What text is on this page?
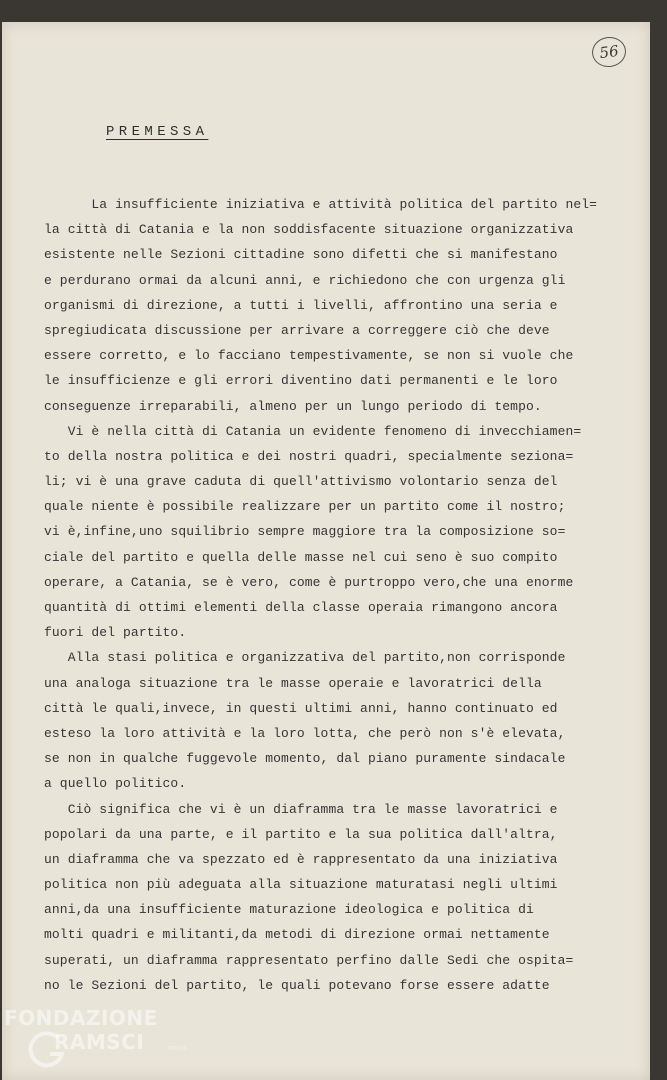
56
PREMESSA
La insufficiente iniziativa e attività politica del partito nel=
la città di Catania e la non soddisfacente situazione organizzativa
esistente nelle Sezioni cittadine sono difetti che si manifestano
e perdurano ormai da alcuni anni, e richiedono che con urgenza gli
organismi di direzione, a tutti i livelli, affrontino una seria e
spregiudicata discussione per arrivare a correggere ciò che deve
essere corretto, e lo facciano tempestivamente, se non si vuole che
le insufficienze e gli errori diventino dati permanenti e le loro
conseguenze irreparabili, almeno per un lungo periodo di tempo.
Vi è nella città di Catania un evidente fenomeno di invecchiamen=
to della nostra politica e dei nostri quadri, specialmente seziona=
li; vi è una grave caduta di quell'attivismo volontario senza del
quale niente è possibile realizzare per un partito come il nostro;
vi è,infine,uno squilibrio sempre maggiore tra la composizione so=
ciale del partito e quella delle masse nel cui seno è suo compito
operare, a Catania, se è vero, come è purtroppo vero,che una enorme
quantità di ottimi elementi della classe operaia rimangono ancora
fuori del partito.
Alla stasi politica e organizzativa del partito,non corrisponde
una analoga situazione tra le masse operaie e lavoratrici della
città le quali,invece, in questi ultimi anni, hanno continuato ed
esteso la loro attività e la loro lotta, che però non s'è elevata,
se non in qualche fuggevole momento, dal piano puramente sindacale
a quello politico.
Ciò significa che vi è un diaframma tra le masse lavoratrici e
popolari da una parte, e il partito e la sua politica dall'altra,
un diaframma che va spezzato ed è rappresentato da una iniziativa
politica non più adeguata alla situazione maturatasi negli ultimi
anni,da una insufficiente maturazione ideologica e politica di
molti quadri e militanti,da metodi di direzione ormai nettamente
superati, un diaframma rappresentato perfino dalle Sedi che ospita=
no le Sezioni del partito, le quali potevano forse essere adatte
FONDAZIONE
RAMSCI	onlus
